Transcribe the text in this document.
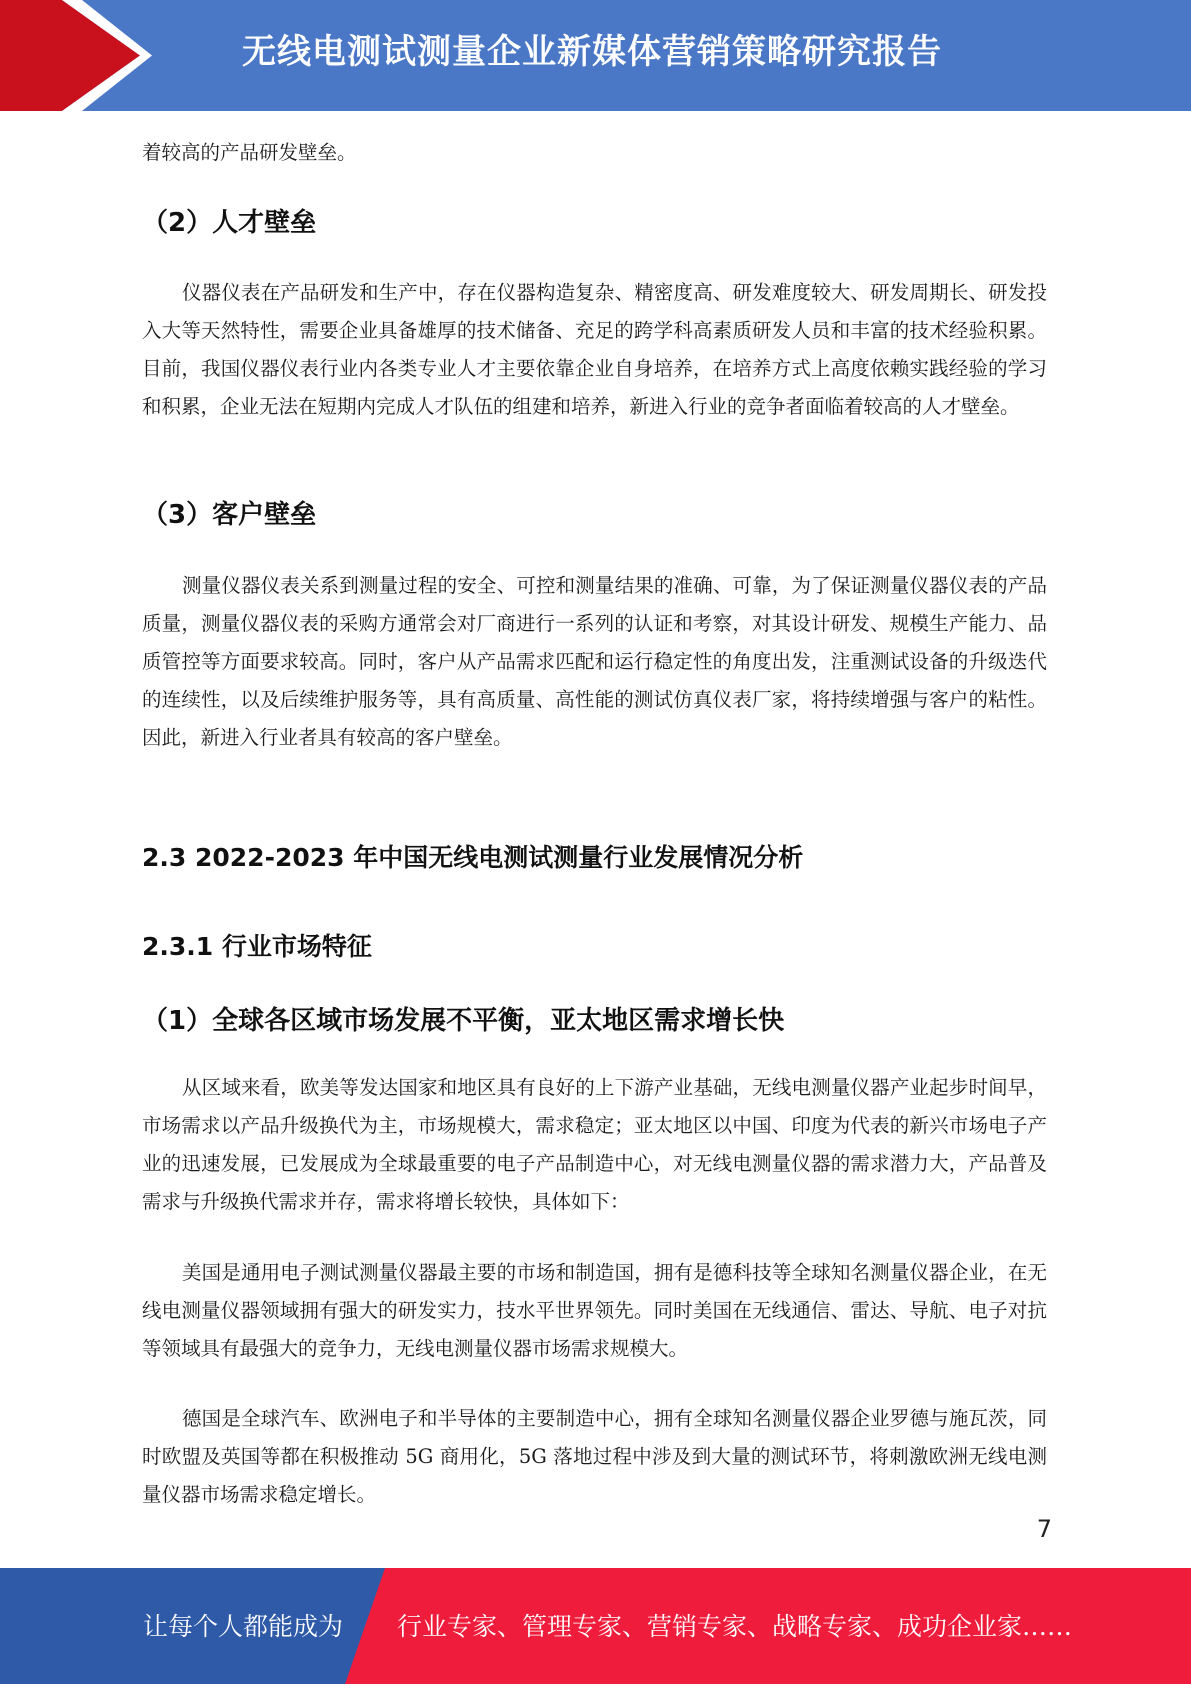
无线电测试测量企业新媒体营销策略研究报告

着较高的产品研发壁垒。

（2）人才壁垒

仪器仪表在产品研发和生产中，存在仪器构造复杂、精密度高、研发难度较大、研发周期长、研发投入大等天然特性，需要企业具备雄厚的技术储备、充足的跨学科高素质研发人员和丰富的技术经验积累。目前，我国仪器仪表行业内各类专业人才主要依靠企业自身培养，在培养方式上高度依赖实践经验的学习和积累，企业无法在短期内完成人才队伍的组建和培养，新进入行业的竞争者面临着较高的人才壁垒。

（3）客户壁垒

测量仪器仪表关系到测量过程的安全、可控和测量结果的准确、可靠，为了保证测量仪器仪表的产品质量，测量仪器仪表的采购方通常会对厂商进行一系列的认证和考察，对其设计研发、规模生产能力、品质管控等方面要求较高。同时，客户从产品需求匹配和运行稳定性的角度出发，注重测试设备的升级迭代的连续性，以及后续维护服务等，具有高质量、高性能的测试仿真仪表厂家，将持续增强与客户的粘性。因此，新进入行业者具有较高的客户壁垒。

2.3 2022-2023 年中国无线电测试测量行业发展情况分析
2.3.1 行业市场特征
（1）全球各区域市场发展不平衡，亚太地区需求增长快

从区域来看，欧美等发达国家和地区具有良好的上下游产业基础，无线电测量仪器产业起步时间早，市场需求以产品升级换代为主，市场规模大，需求稳定；亚太地区以中国、印度为代表的新兴市场电子产业的迅速发展，已发展成为全球最重要的电子产品制造中心，对无线电测量仪器的需求潜力大，产品普及需求与升级换代需求并存，需求将增长较快，具体如下：

美国是通用电子测试测量仪器最主要的市场和制造国，拥有是德科技等全球知名测量仪器企业，在无线电测量仪器领域拥有强大的研发实力，技水平世界领先。同时美国在无线通信、雷达、导航、电子对抗等领域具有最强大的竞争力，无线电测量仪器市场需求规模大。

德国是全球汽车、欧洲电子和半导体的主要制造中心，拥有全球知名测量仪器企业罗德与施瓦茨，同时欧盟及英国等都在积极推动 5G 商用化，5G 落地过程中涉及到大量的测试环节，将刺激欧洲无线电测量仪器市场需求稳定增长。

7
让每个人都能成为 行业专家、管理专家、营销专家、战略专家、成功企业家……
